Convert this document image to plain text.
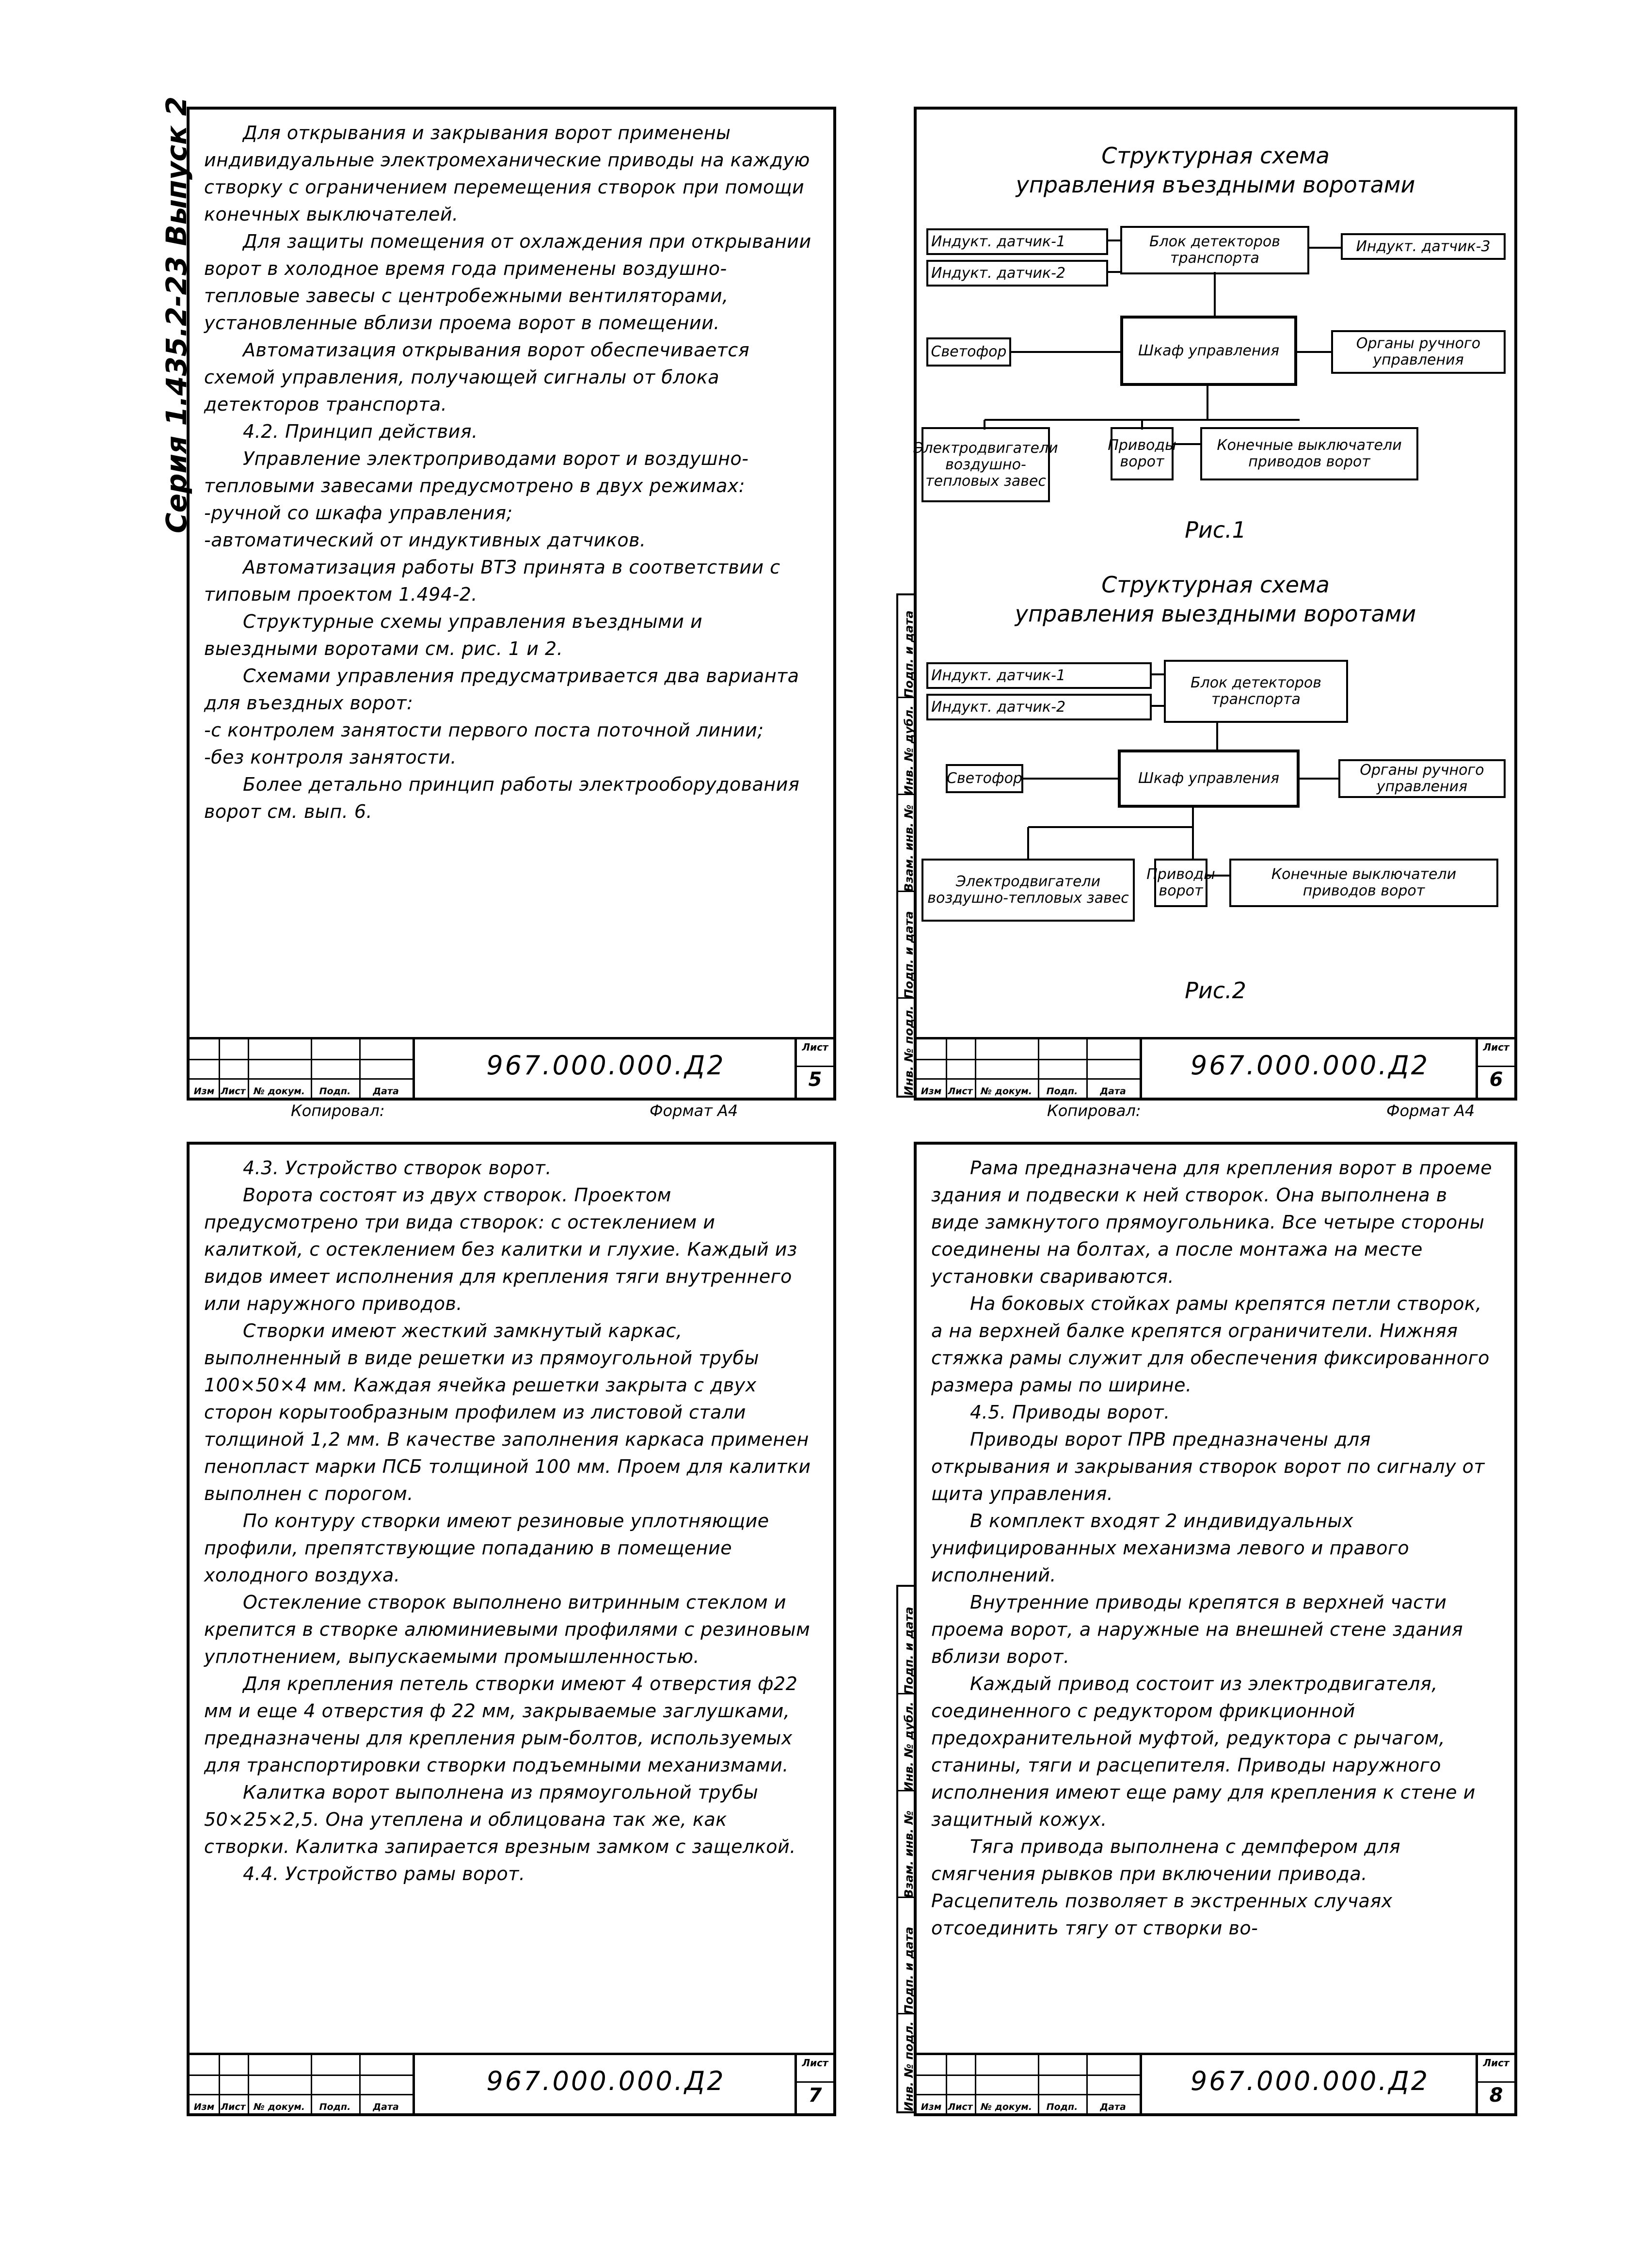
Серия 1.435.2-23 Выпуск 2	Для открывания и закрывания ворот применены индивидуальные электромеханические приводы на каждую створку с ограничением перемещения створок при помощи конечных выключателей.

Для защиты помещения от охлаждения при открывании ворот в холодное время года применены воздушно-тепловые завесы с центробежными вентиляторами, установленные вблизи проема ворот в помещении.

Автоматизация открывания ворот обеспечивается схемой управления, получающей сигналы от блока детекторов транспорта.

4.2. Принцип действия.

Управление электроприводами ворот и воздушно-тепловыми завесами предусмотрено в двух режимах:

-ручной со шкафа управления;

-автоматический от индуктивных датчиков.

Автоматизация работы ВТЗ принята в соответствии с типовым проектом 1.494-2.

Структурные схемы управления въездными и выездными воротами см. рис. 1 и 2.

Схемами управления предусматривается два варианта для въездных ворот:

-с контролем занятости первого поста поточной линии;

-без контроля занятости.

Более детально принцип работы электрооборудования ворот см. вып. 6.

Изм Лист № докум.	Подп.	Дата
967.000.000.Д2
Лист
5
Копировал:	Формат А4
Инв. № подл.
Подп. и дата
Взам. инв. №
Инв. № дубл.
Подп. и дата
Структурная схема
управления въездными воротами
Индукт. датчик-1
Индукт. датчик-2
Блок детекторов транспорта
Индукт. датчик-3
Светофор	Шкаф управления	Органы ручного управления
Электродвигатели воздушно-тепловых завес
Приводы ворот
Конечные выключатели приводов ворот
Рис.1
Структурная схема
управления выездными воротами
Индукт. датчик-1
Индукт. датчик-2
Блок детекторов транспорта
Светофор	Шкаф управления	Органы ручного управления
Электродвигатели воздушно-тепловых завес
Приводы ворот
Конечные выключатели приводов ворот
Рис.2
Изм Лист № докум.	Подп.	Дата
967.000.000.Д2
Лист
6
Копировал:	Формат А4

4.3. Устройство створок ворот.

Ворота состоят из двух створок. Проектом предусмотрено три вида створок: с остеклением и калиткой, с остеклением без калитки и глухие. Каждый из видов имеет исполнения для крепления тяги внутреннего или наружного приводов.

Створки имеют жесткий замкнутый каркас, выполненный в виде решетки из прямоугольной трубы 100×50×4 мм. Каждая ячейка решетки закрыта с двух сторон корытообразным профилем из листовой стали толщиной 1,2 мм. В качестве заполнения каркаса применен пенопласт марки ПСБ толщиной 100 мм. Проем для калитки выполнен с порогом.

По контуру створки имеют резиновые уплотняющие профили, препятствующие попаданию в помещение холодного воздуха.

Остекление створок выполнено витринным стеклом и крепится в створке алюминиевыми профилями с резиновым уплотнением, выпускаемыми промышленностью.

Для крепления петель створки имеют 4 отверстия ф22 мм и еще 4 отверстия ф 22 мм, закрываемые заглушками, предназначены для крепления рым-болтов, используемых для транспортировки створки подъемными механизмами.

Калитка ворот выполнена из прямоугольной трубы 50×25×2,5. Она утеплена и облицована так же, как створки. Калитка запирается врезным замком с защелкой.

4.4. Устройство рамы ворот.

Изм Лист № докум.	Подп.	Дата
967.000.000.Д2
Лист
7	Инв. № подл.
Подп. и дата
Взам. инв. №
Инв. № дубл.
Подп. и дата

Рама предназначена для крепления ворот в проеме здания и подвески к ней створок. Она выполнена в виде замкнутого прямоугольника. Все четыре стороны соединены на болтах, а после монтажа на месте установки свариваются.

На боковых стойках рамы крепятся петли створок, а на верхней балке крепятся ограничители. Нижняя стяжка рамы служит для обеспечения фиксированного размера рамы по ширине.

4.5. Приводы ворот.

Приводы ворот ПРВ предназначены для открывания и закрывания створок ворот по сигналу от щита управления.

В комплект входят 2 индивидуальных унифицированных механизма левого и правого исполнений.

Внутренние приводы крепятся в верхней части проема ворот, а наружные на внешней стене здания вблизи ворот.

Каждый привод состоит из электродвигателя, соединенного с редуктором фрикционной предохранительной муфтой, редуктора с рычагом, станины, тяги и расцепителя. Приводы наружного исполнения имеют еще раму для крепления к стене и защитный кожух.

Тяга привода выполнена с демпфером для смягчения рывков при включении привода. Расцепитель позволяет в экстренных случаях отсоединить тягу от створки во-

Изм Лист № докум.	Подп.	Дата
967.000.000.Д2
Лист
8
